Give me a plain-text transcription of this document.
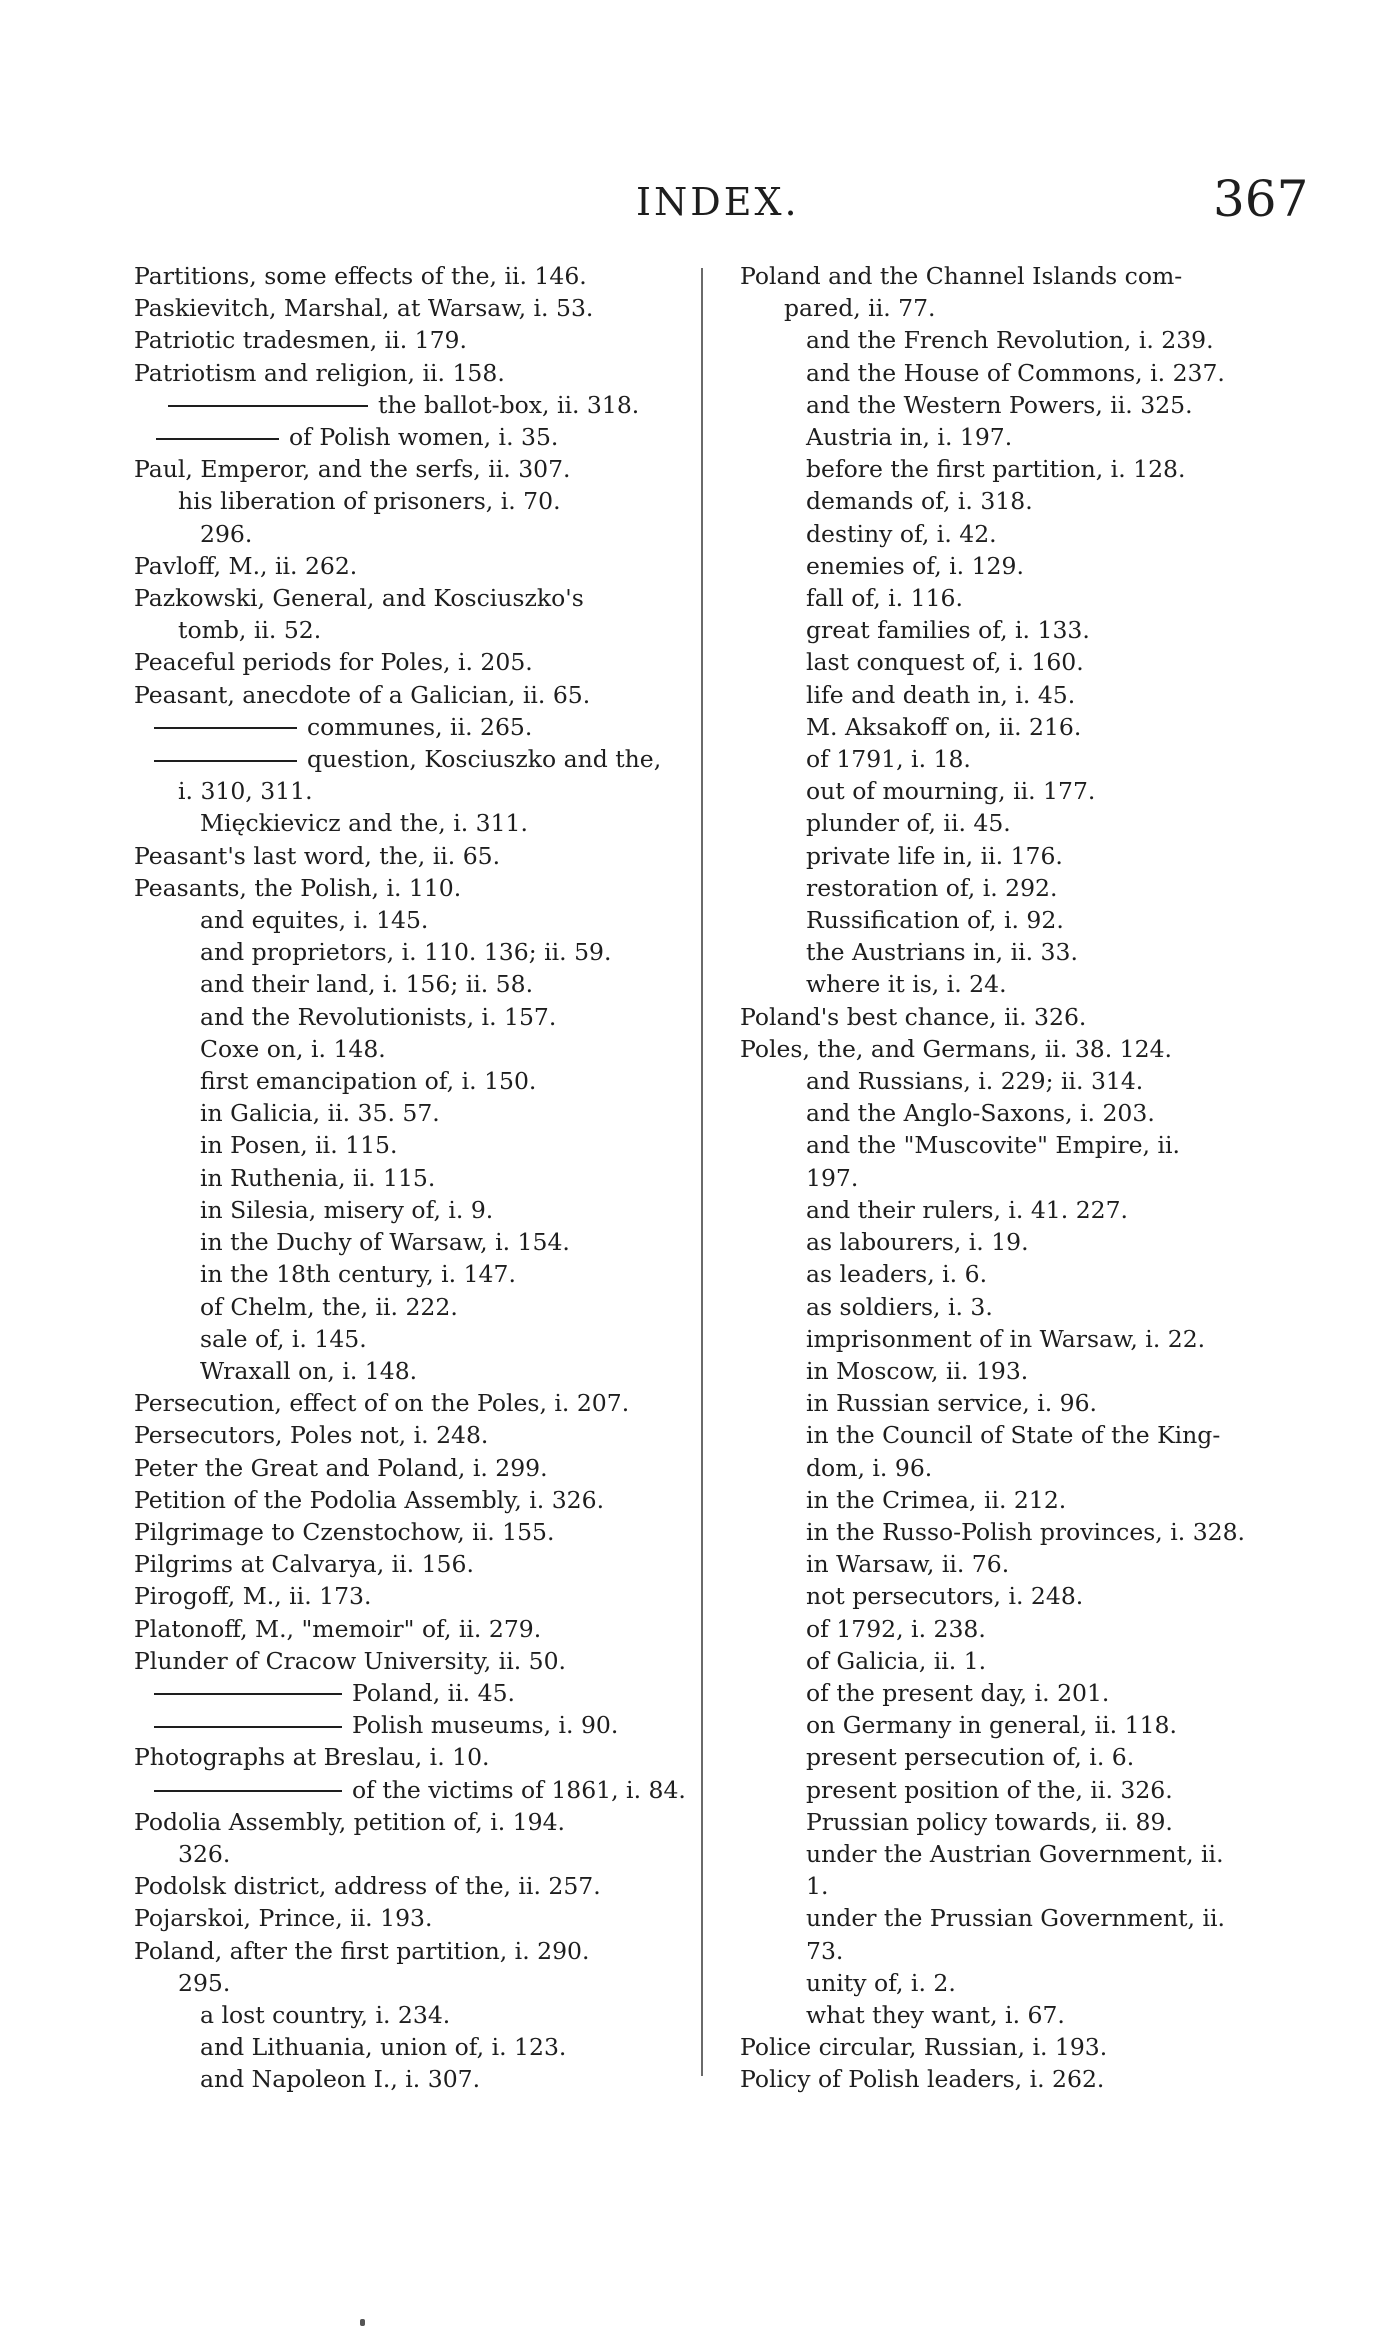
INDEX.	367
Partitions, some effects of the, ii. 146.
Paskievitch, Marshal, at Warsaw, i. 53.
Patriotic tradesmen, ii. 179.
Patriotism and religion, ii. 158.
the ballot-box, ii. 318.
of Polish women, i. 35.
Paul, Emperor, and the serfs, ii. 307.
his liberation of prisoners, i. 70.
296.
Pavloff, M., ii. 262.
Pazkowski, General, and Kosciuszko's
tomb, ii. 52.
Peaceful periods for Poles, i. 205.
Peasant, anecdote of a Galician, ii. 65.
communes, ii. 265.
question, Kosciuszko and the,
i. 310, 311.
Mięckievicz and the, i. 311.
Peasant's last word, the, ii. 65.
Peasants, the Polish, i. 110.
and equites, i. 145.
and proprietors, i. 110. 136; ii. 59.
and their land, i. 156; ii. 58.
and the Revolutionists, i. 157.
Coxe on, i. 148.
first emancipation of, i. 150.
in Galicia, ii. 35. 57.
in Posen, ii. 115.
in Ruthenia, ii. 115.
in Silesia, misery of, i. 9.
in the Duchy of Warsaw, i. 154.
in the 18th century, i. 147.
of Chelm, the, ii. 222.
sale of, i. 145.
Wraxall on, i. 148.
Persecution, effect of on the Poles, i. 207.
Persecutors, Poles not, i. 248.
Peter the Great and Poland, i. 299.
Petition of the Podolia Assembly, i. 326.
Pilgrimage to Czenstochow, ii. 155.
Pilgrims at Calvarya, ii. 156.
Pirogoff, M., ii. 173.
Platonoff, M., "memoir" of, ii. 279.
Plunder of Cracow University, ii. 50.
Poland, ii. 45.
Polish museums, i. 90.
Photographs at Breslau, i. 10.
of the victims of 1861, i. 84.
Podolia Assembly, petition of, i. 194.
326.
Podolsk district, address of the, ii. 257.
Pojarskoi, Prince, ii. 193.
Poland, after the first partition, i. 290.
295.
a lost country, i. 234.
and Lithuania, union of, i. 123.
and Napoleon I., i. 307.
Poland and the Channel Islands com-
pared, ii. 77.
and the French Revolution, i. 239.
and the House of Commons, i. 237.
and the Western Powers, ii. 325.
Austria in, i. 197.
before the first partition, i. 128.
demands of, i. 318.
destiny of, i. 42.
enemies of, i. 129.
fall of, i. 116.
great families of, i. 133.
last conquest of, i. 160.
life and death in, i. 45.
M. Aksakoff on, ii. 216.
of 1791, i. 18.
out of mourning, ii. 177.
plunder of, ii. 45.
private life in, ii. 176.
restoration of, i. 292.
Russification of, i. 92.
the Austrians in, ii. 33.
where it is, i. 24.
Poland's best chance, ii. 326.
Poles, the, and Germans, ii. 38. 124.
and Russians, i. 229; ii. 314.
and the Anglo-Saxons, i. 203.
and the "Muscovite" Empire, ii.
197.
and their rulers, i. 41. 227.
as labourers, i. 19.
as leaders, i. 6.
as soldiers, i. 3.
imprisonment of in Warsaw, i. 22.
in Moscow, ii. 193.
in Russian service, i. 96.
in the Council of State of the King-
dom, i. 96.
in the Crimea, ii. 212.
in the Russo-Polish provinces, i. 328.
in Warsaw, ii. 76.
not persecutors, i. 248.
of 1792, i. 238.
of Galicia, ii. 1.
of the present day, i. 201.
on Germany in general, ii. 118.
present persecution of, i. 6.
present position of the, ii. 326.
Prussian policy towards, ii. 89.
under the Austrian Government, ii.
1.
under the Prussian Government, ii.
73.
unity of, i. 2.
what they want, i. 67.
Police circular, Russian, i. 193.
Policy of Polish leaders, i. 262.
